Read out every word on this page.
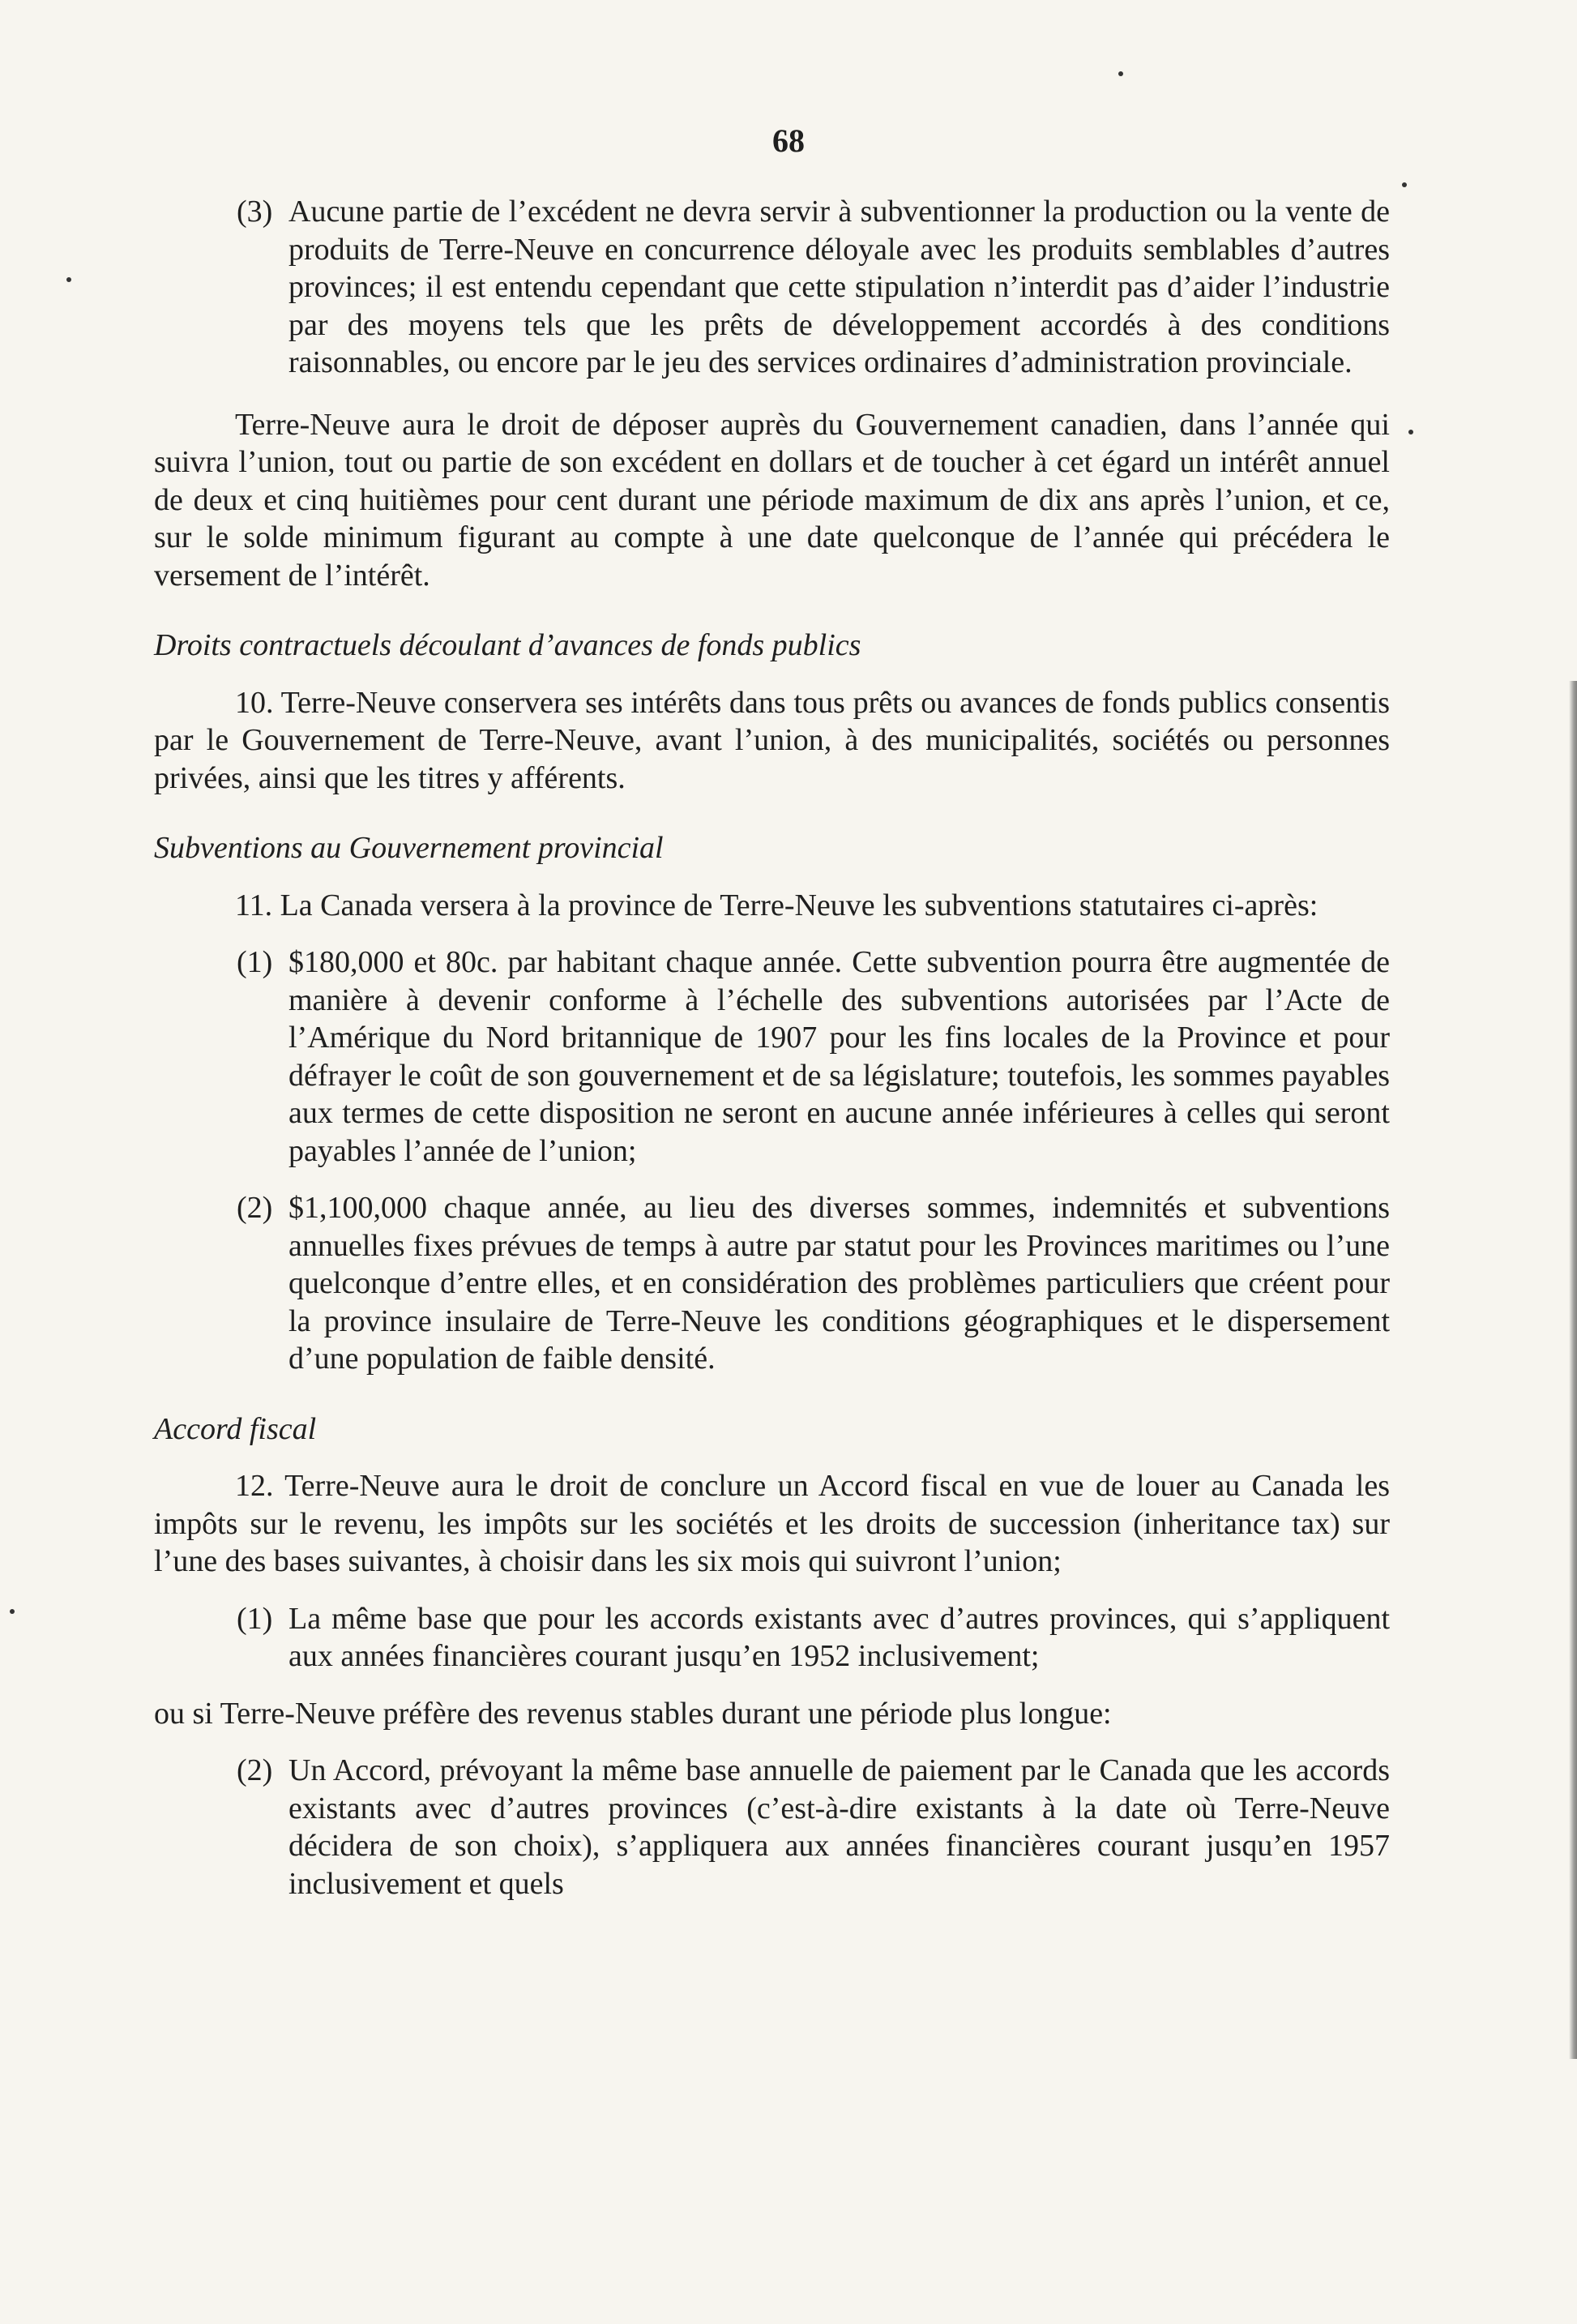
68
(3) Aucune partie de l’excédent ne devra servir à subventionner la production ou la vente de produits de Terre-Neuve en concurrence déloyale avec les produits semblables d’autres provinces; il est entendu cependant que cette stipulation n’interdit pas d’aider l’industrie par des moyens tels que les prêts de développement accordés à des conditions raisonnables, ou encore par le jeu des services ordinaires d’administration provinciale.

Terre-Neuve aura le droit de déposer auprès du Gouvernement canadien, dans l’année qui suivra l’union, tout ou partie de son excédent en dollars et de toucher à cet égard un intérêt annuel de deux et cinq huitièmes pour cent durant une période maximum de dix ans après l’union, et ce, sur le solde minimum figurant au compte à une date quelconque de l’année qui précédera le versement de l’intérêt.

Droits contractuels découlant d’avances de fonds publics

10. Terre-Neuve conservera ses intérêts dans tous prêts ou avances de fonds publics consentis par le Gouvernement de Terre-Neuve, avant l’union, à des municipalités, sociétés ou personnes privées, ainsi que les titres y afférents.

Subventions au Gouvernement provincial

11. La Canada versera à la province de Terre-Neuve les subventions statutaires ci-après:

(1) $180,000 et 80c. par habitant chaque année. Cette subvention pourra être augmentée de manière à devenir conforme à l’échelle des subventions autorisées par l’Acte de l’Amérique du Nord britannique de 1907 pour les fins locales de la Province et pour défrayer le coût de son gouvernement et de sa législature; toutefois, les sommes payables aux termes de cette disposition ne seront en aucune année inférieures à celles qui seront payables l’année de l’union;
(2) $1,100,000 chaque année, au lieu des diverses sommes, indemnités et subventions annuelles fixes prévues de temps à autre par statut pour les Provinces maritimes ou l’une quelconque d’entre elles, et en considération des problèmes particuliers que créent pour la province insulaire de Terre-Neuve les conditions géographiques et le dispersement d’une population de faible densité.

Accord fiscal

12. Terre-Neuve aura le droit de conclure un Accord fiscal en vue de louer au Canada les impôts sur le revenu, les impôts sur les sociétés et les droits de succession (inheritance tax) sur l’une des bases suivantes, à choisir dans les six mois qui suivront l’union;

(1) La même base que pour les accords existants avec d’autres provinces, qui s’appliquent aux années financières courant jusqu’en 1952 inclusivement;

ou si Terre-Neuve préfère des revenus stables durant une période plus longue:

(2) Un Accord, prévoyant la même base annuelle de paiement par le Canada que les accords existants avec d’autres provinces (c’est-à-dire existants à la date où Terre-Neuve décidera de son choix), s’appliquera aux années financières courant jusqu’en 1957 inclusivement et quels
